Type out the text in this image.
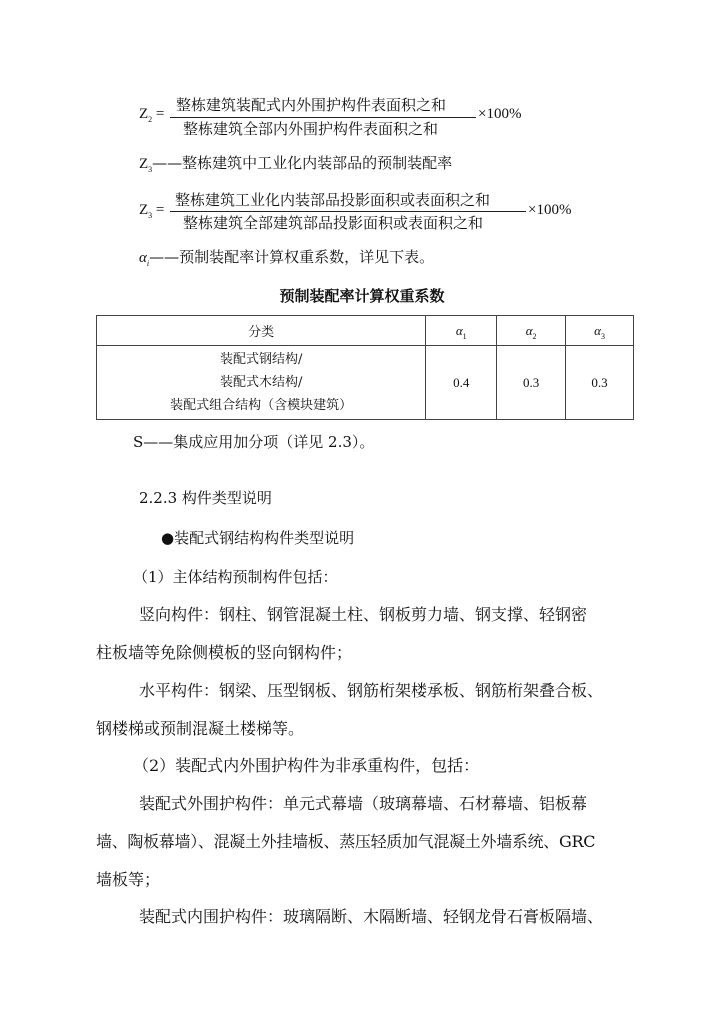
$Z_2$ = 整栋建筑装配式内外围护构件表面积之和
整栋建筑全部内外围护构件表面积之和
×100%
$Z_3——$整栋建筑中工业化内装部品的预制装配率
$Z_3$ =
整栋建筑工业化内装部品投影面积或表面积之和
整栋建筑全部建筑部品投影面积或表面积之和
×100%
$\alpha_i——$预制装配率计算权重系数，详见下表。
预制装配率计算权重系数
分类	$\alpha_1$	$\alpha_2$	$\alpha_3$

装配式钢结构/
装配式木结构/
装配式组合结构（含模块建筑）	0.4	0.3	0.3
S——集成应用加分项（详见 2.3）。
2.2.3 构件类型说明
●装配式钢结构构件类型说明
（1）主体结构预制构件包括：
竖向构件：钢柱、钢管混凝土柱、钢板剪力墙、钢支撑、轻钢密
柱板墙等免除侧模板的竖向钢构件；
水平构件：钢梁、压型钢板、钢筋桁架楼承板、钢筋桁架叠合板、
钢楼梯或预制混凝土楼梯等。
（2）装配式内外围护构件为非承重构件，包括：
装配式外围护构件：单元式幕墙（玻璃幕墙、石材幕墙、铝板幕
墙、陶板幕墙）、混凝土外挂墙板、蒸压轻质加气混凝土外墙系统、GRC
墙板等；
装配式内围护构件：玻璃隔断、木隔断墙、轻钢龙骨石膏板隔墙、
